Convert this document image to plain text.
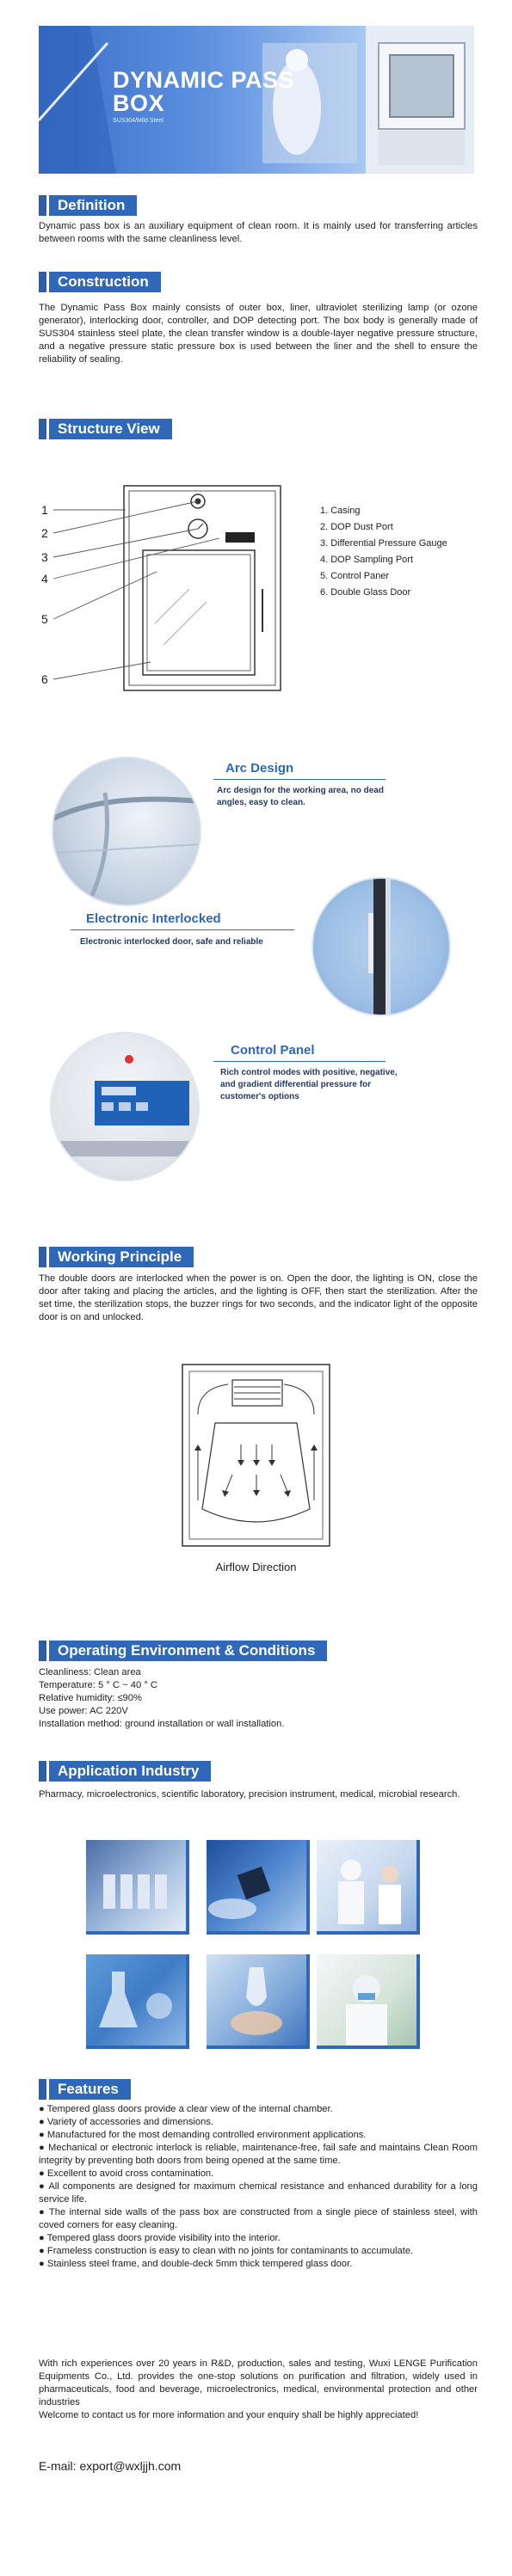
DYNAMIC PASS
BOX
SUS304/Mild Steel
Definition

Dynamic pass box is an auxiliary equipment of clean room. It is mainly used for transferring articles between rooms with the same cleanliness level.

Construction

The Dynamic Pass Box mainly consists of outer box, liner, ultraviolet sterilizing lamp (or ozone generator), interlocking door, controller, and DOP detecting port. The box body is generally made of SUS304 stainless steel plate, the clean transfer window is a double-layer negative pressure structure, and a negative pressure static pressure box is used between the liner and the shell to ensure the reliability of sealing.

Structure View
1
2
3
4
5
6
1. Casing
2. DOP Dust Port
3. Differential Pressure Gauge
4. DOP Sampling Port
5. Control Paner
6. Double Glass Door
Arc Design
Arc design for the working area, no dead
angles, easy to clean.
Electronic Interlocked
Electronic interlocked door, safe and reliable
Control Panel
Rich control modes with positive, negative,
and gradient differential pressure for
customer's options
Working Principle

The double doors are interlocked when the power is on. Open the door, the lighting is ON, close the door after taking and placing the articles, and the lighting is OFF, then start the sterilization. After the set time, the sterilization stops, the buzzer rings for two seconds, and the indicator light of the opposite door is on and unlocked.

Airflow Direction
Operating Environment & Conditions
Cleanliness: Clean area
Temperature: 5 ° C ~ 40 ° C
Relative humidity: ≤90%
Use power: AC 220V
Installation method: ground installation or wall installation.
Application Industry

Pharmacy, microelectronics, scientific laboratory, precision instrument, medical, microbial research.

Features
● Tempered glass doors provide a clear view of the internal chamber.
● Variety of accessories and dimensions.
● Manufactured for the most demanding controlled environment applications.
● Mechanical or electronic interlock is reliable, maintenance-free, fail safe and maintains Clean Room integrity by preventing both doors from being opened at the same time.
● Excellent to avoid cross contamination.
● All components are designed for maximum chemical resistance and enhanced durability for a long service life.
● The internal side walls of the pass box are constructed from a single piece of stainless steel, with coved corners for easy cleaning.
● Tempered glass doors provide visibility into the interior.
● Frameless construction is easy to clean with no joints for contaminants to accumulate.
● Stainless steel frame, and double-deck 5mm thick tempered glass door.

With rich experiences over 20 years in R&D, production, sales and testing, Wuxi LENGE Purification Equipments Co., Ltd. provides the one-stop solutions on purification and filtration, widely used in pharmaceuticals, food and beverage, microelectronics, medical, environmental protection and other industries
Welcome to contact us for more information and your enquiry shall be highly appreciated!

E-mail: export@wxljjh.com
